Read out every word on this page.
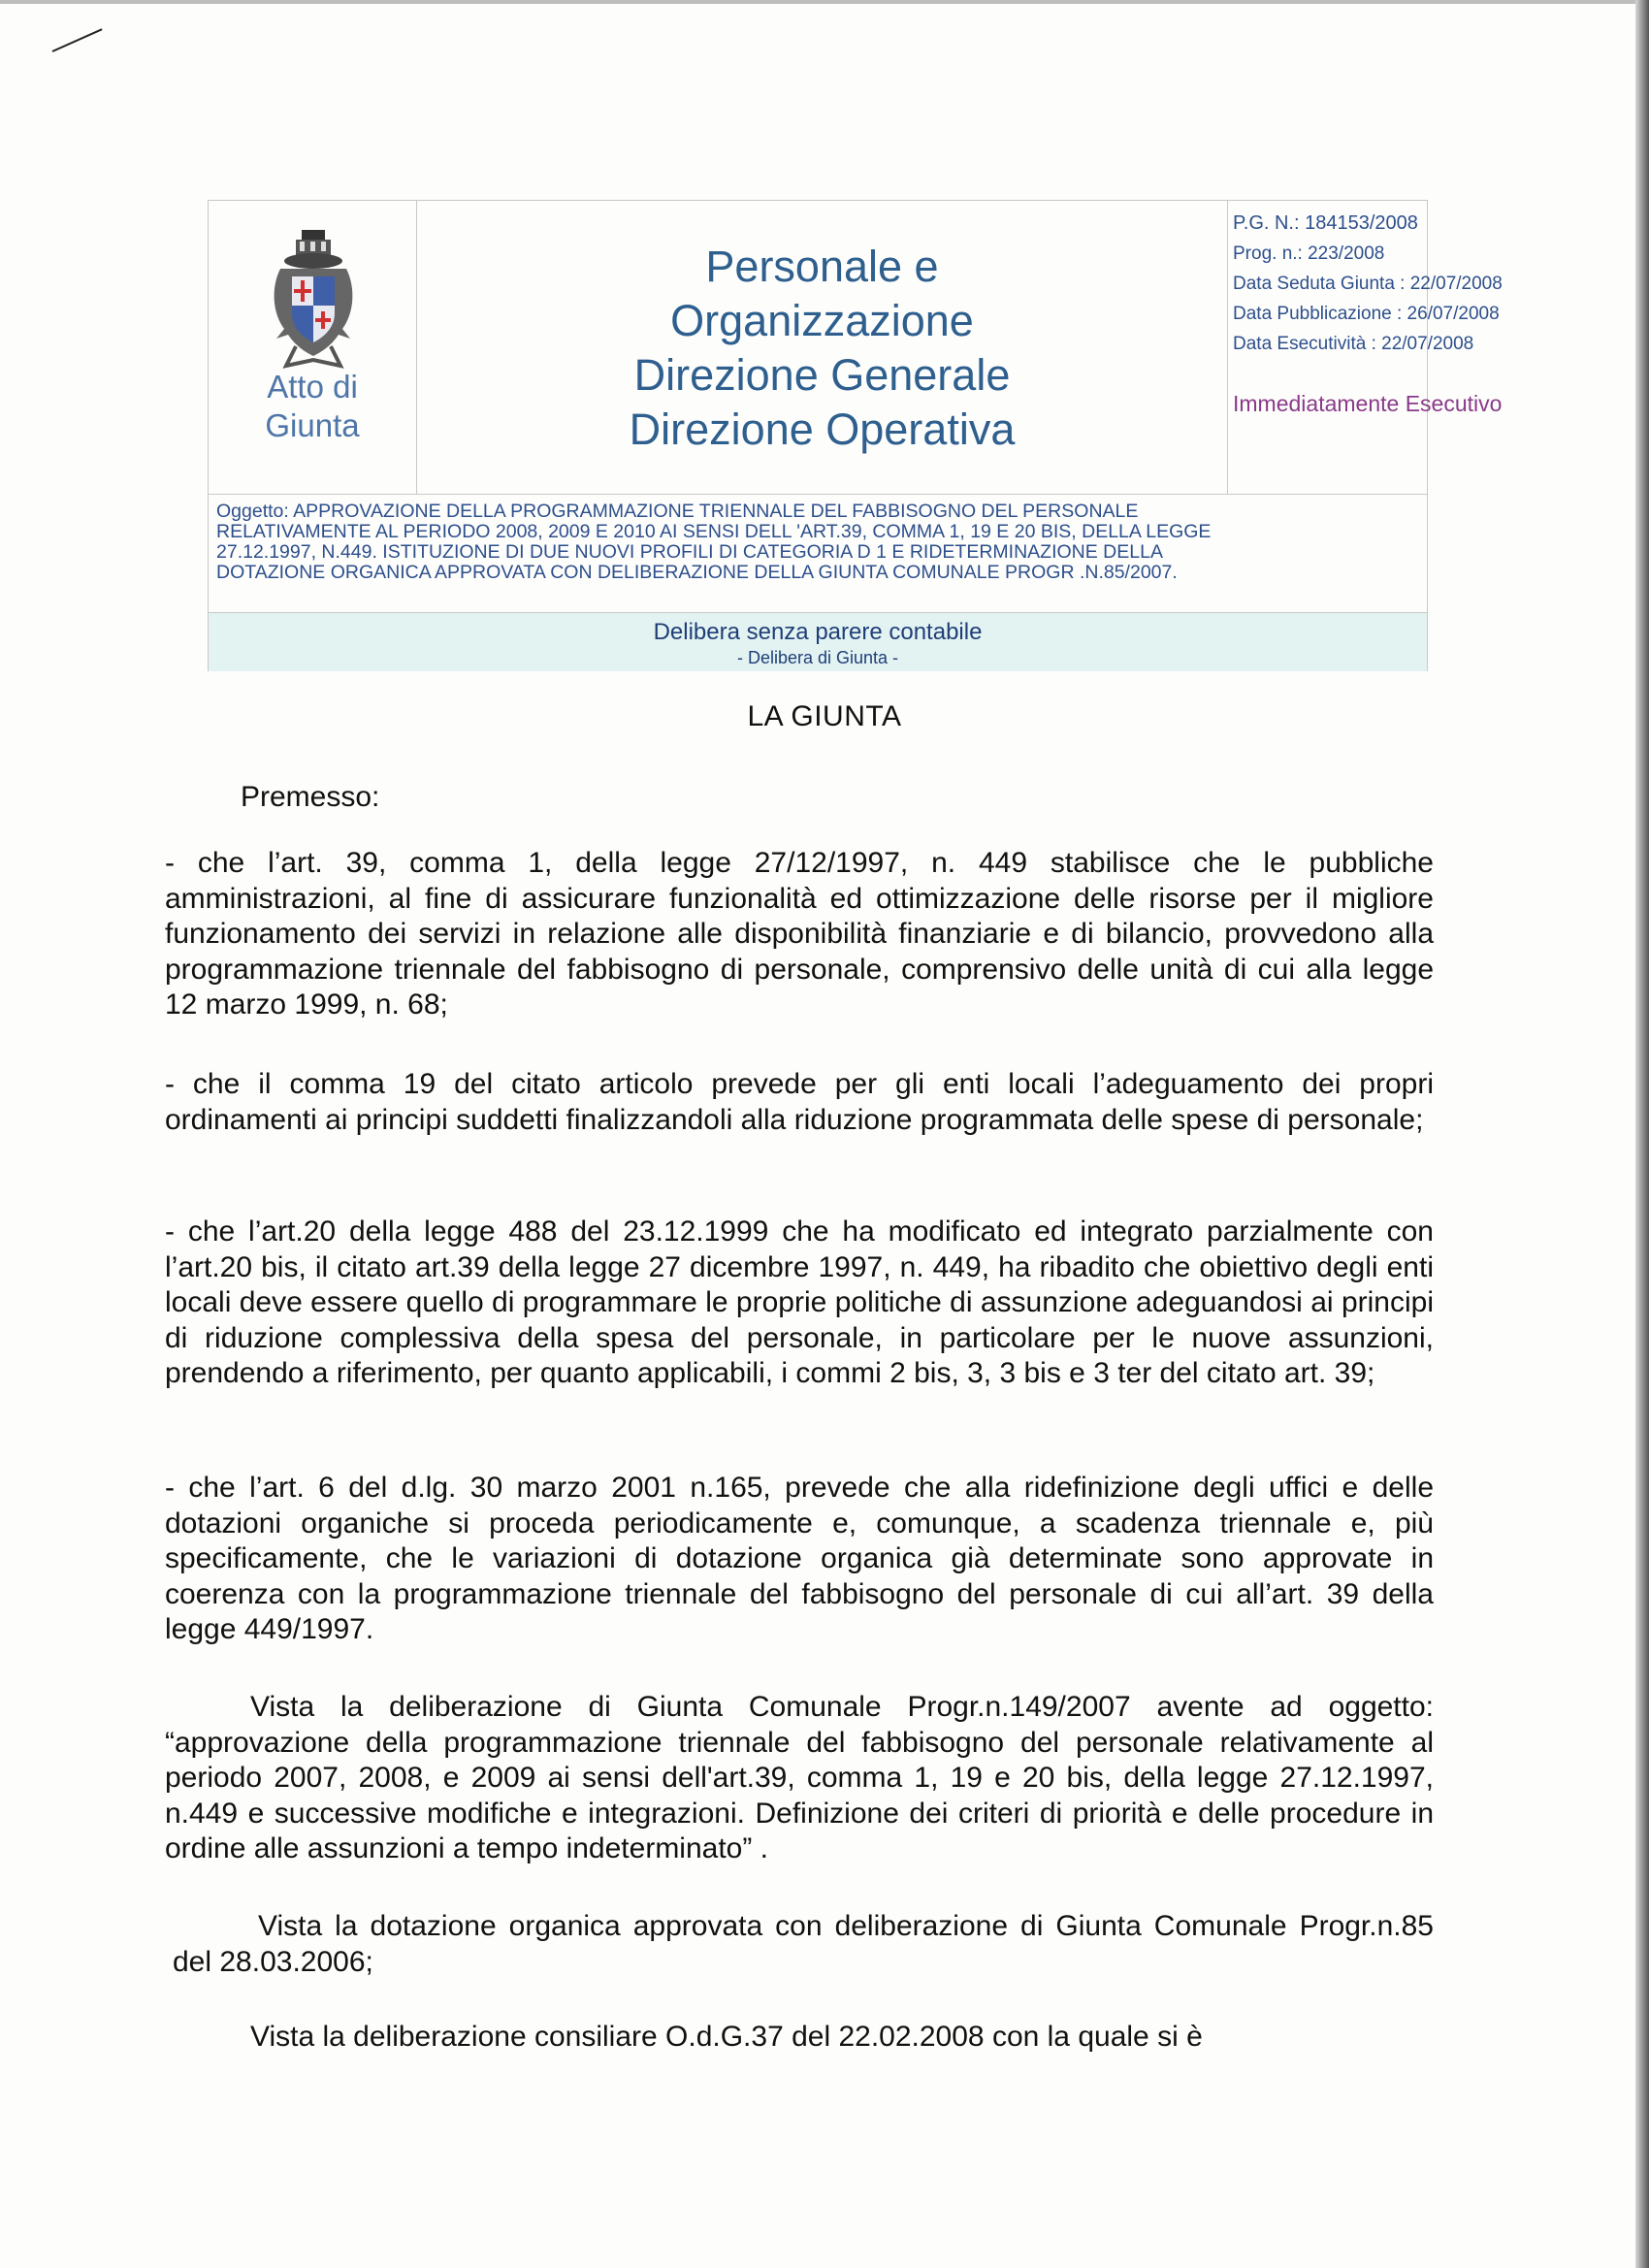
Atto di
Giunta
Personale e
Organizzazione
Direzione Generale
Direzione Operativa
P.G. N.: 184153/2008
Prog. n.: 223/2008
Data Seduta Giunta : 22/07/2008
Data Pubblicazione : 26/07/2008
Data Esecutività : 22/07/2008
Immediatamente Esecutivo
Oggetto: APPROVAZIONE DELLA PROGRAMMAZIONE TRIENNALE DEL FABBISOGNO DEL PERSONALE
RELATIVAMENTE AL PERIODO 2008, 2009 E 2010 AI SENSI DELL 'ART.39, COMMA 1, 19 E 20 BIS, DELLA LEGGE
27.12.1997, N.449. ISTITUZIONE DI DUE NUOVI PROFILI DI CATEGORIA D 1 E RIDETERMINAZIONE DELLA
DOTAZIONE ORGANICA APPROVATA CON DELIBERAZIONE DELLA GIUNTA COMUNALE PROGR .N.85/2007.
Delibera senza parere contabile
- Delibera di Giunta -
LA GIUNTA
Premesso:
- che l’art. 39, comma 1, della legge 27/12/1997, n. 449 stabilisce che le pubbliche amministrazioni, al fine di assicurare funzionalità ed ottimizzazione delle risorse per il migliore funzionamento dei servizi in relazione alle disponibilità finanziarie e di bilancio, provvedono alla programmazione triennale del fabbisogno di personale, comprensivo delle unità di cui alla legge 12 marzo 1999, n. 68;
- che il comma 19 del citato articolo prevede per gli enti locali l’adeguamento dei propri ordinamenti ai principi suddetti finalizzandoli alla riduzione programmata delle spese di personale;
- che l’art.20 della legge 488 del 23.12.1999 che ha modificato ed integrato parzialmente con l’art.20 bis, il citato art.39 della legge 27 dicembre 1997, n. 449, ha ribadito che obiettivo degli enti locali deve essere quello di programmare le proprie politiche di assunzione adeguandosi ai principi di riduzione complessiva della spesa del personale, in particolare per le nuove assunzioni, prendendo a riferimento, per quanto applicabili, i commi 2 bis, 3, 3 bis e 3 ter del citato art. 39;
- che l’art. 6 del d.lg. 30 marzo 2001 n.165, prevede che alla ridefinizione degli uffici e delle dotazioni organiche si proceda periodicamente e, comunque, a scadenza triennale e, più specificamente, che le variazioni di dotazione organica già determinate sono approvate in coerenza con la programmazione triennale del fabbisogno del personale di cui all’art. 39 della legge 449/1997.
Vista la deliberazione di Giunta Comunale Progr.n.149/2007 avente ad oggetto: “approvazione della programmazione triennale del fabbisogno del personale relativamente al periodo 2007, 2008, e 2009 ai sensi dell'art.39, comma 1, 19 e 20 bis, della legge 27.12.1997, n.449 e successive modifiche e integrazioni. Definizione dei criteri di priorità e delle procedure in ordine alle assunzioni a tempo indeterminato” .
Vista la dotazione organica approvata con deliberazione di Giunta Comunale Progr.n.85 del 28.03.2006;
Vista la deliberazione consiliare O.d.G.37 del 22.02.2008 con la quale si è
